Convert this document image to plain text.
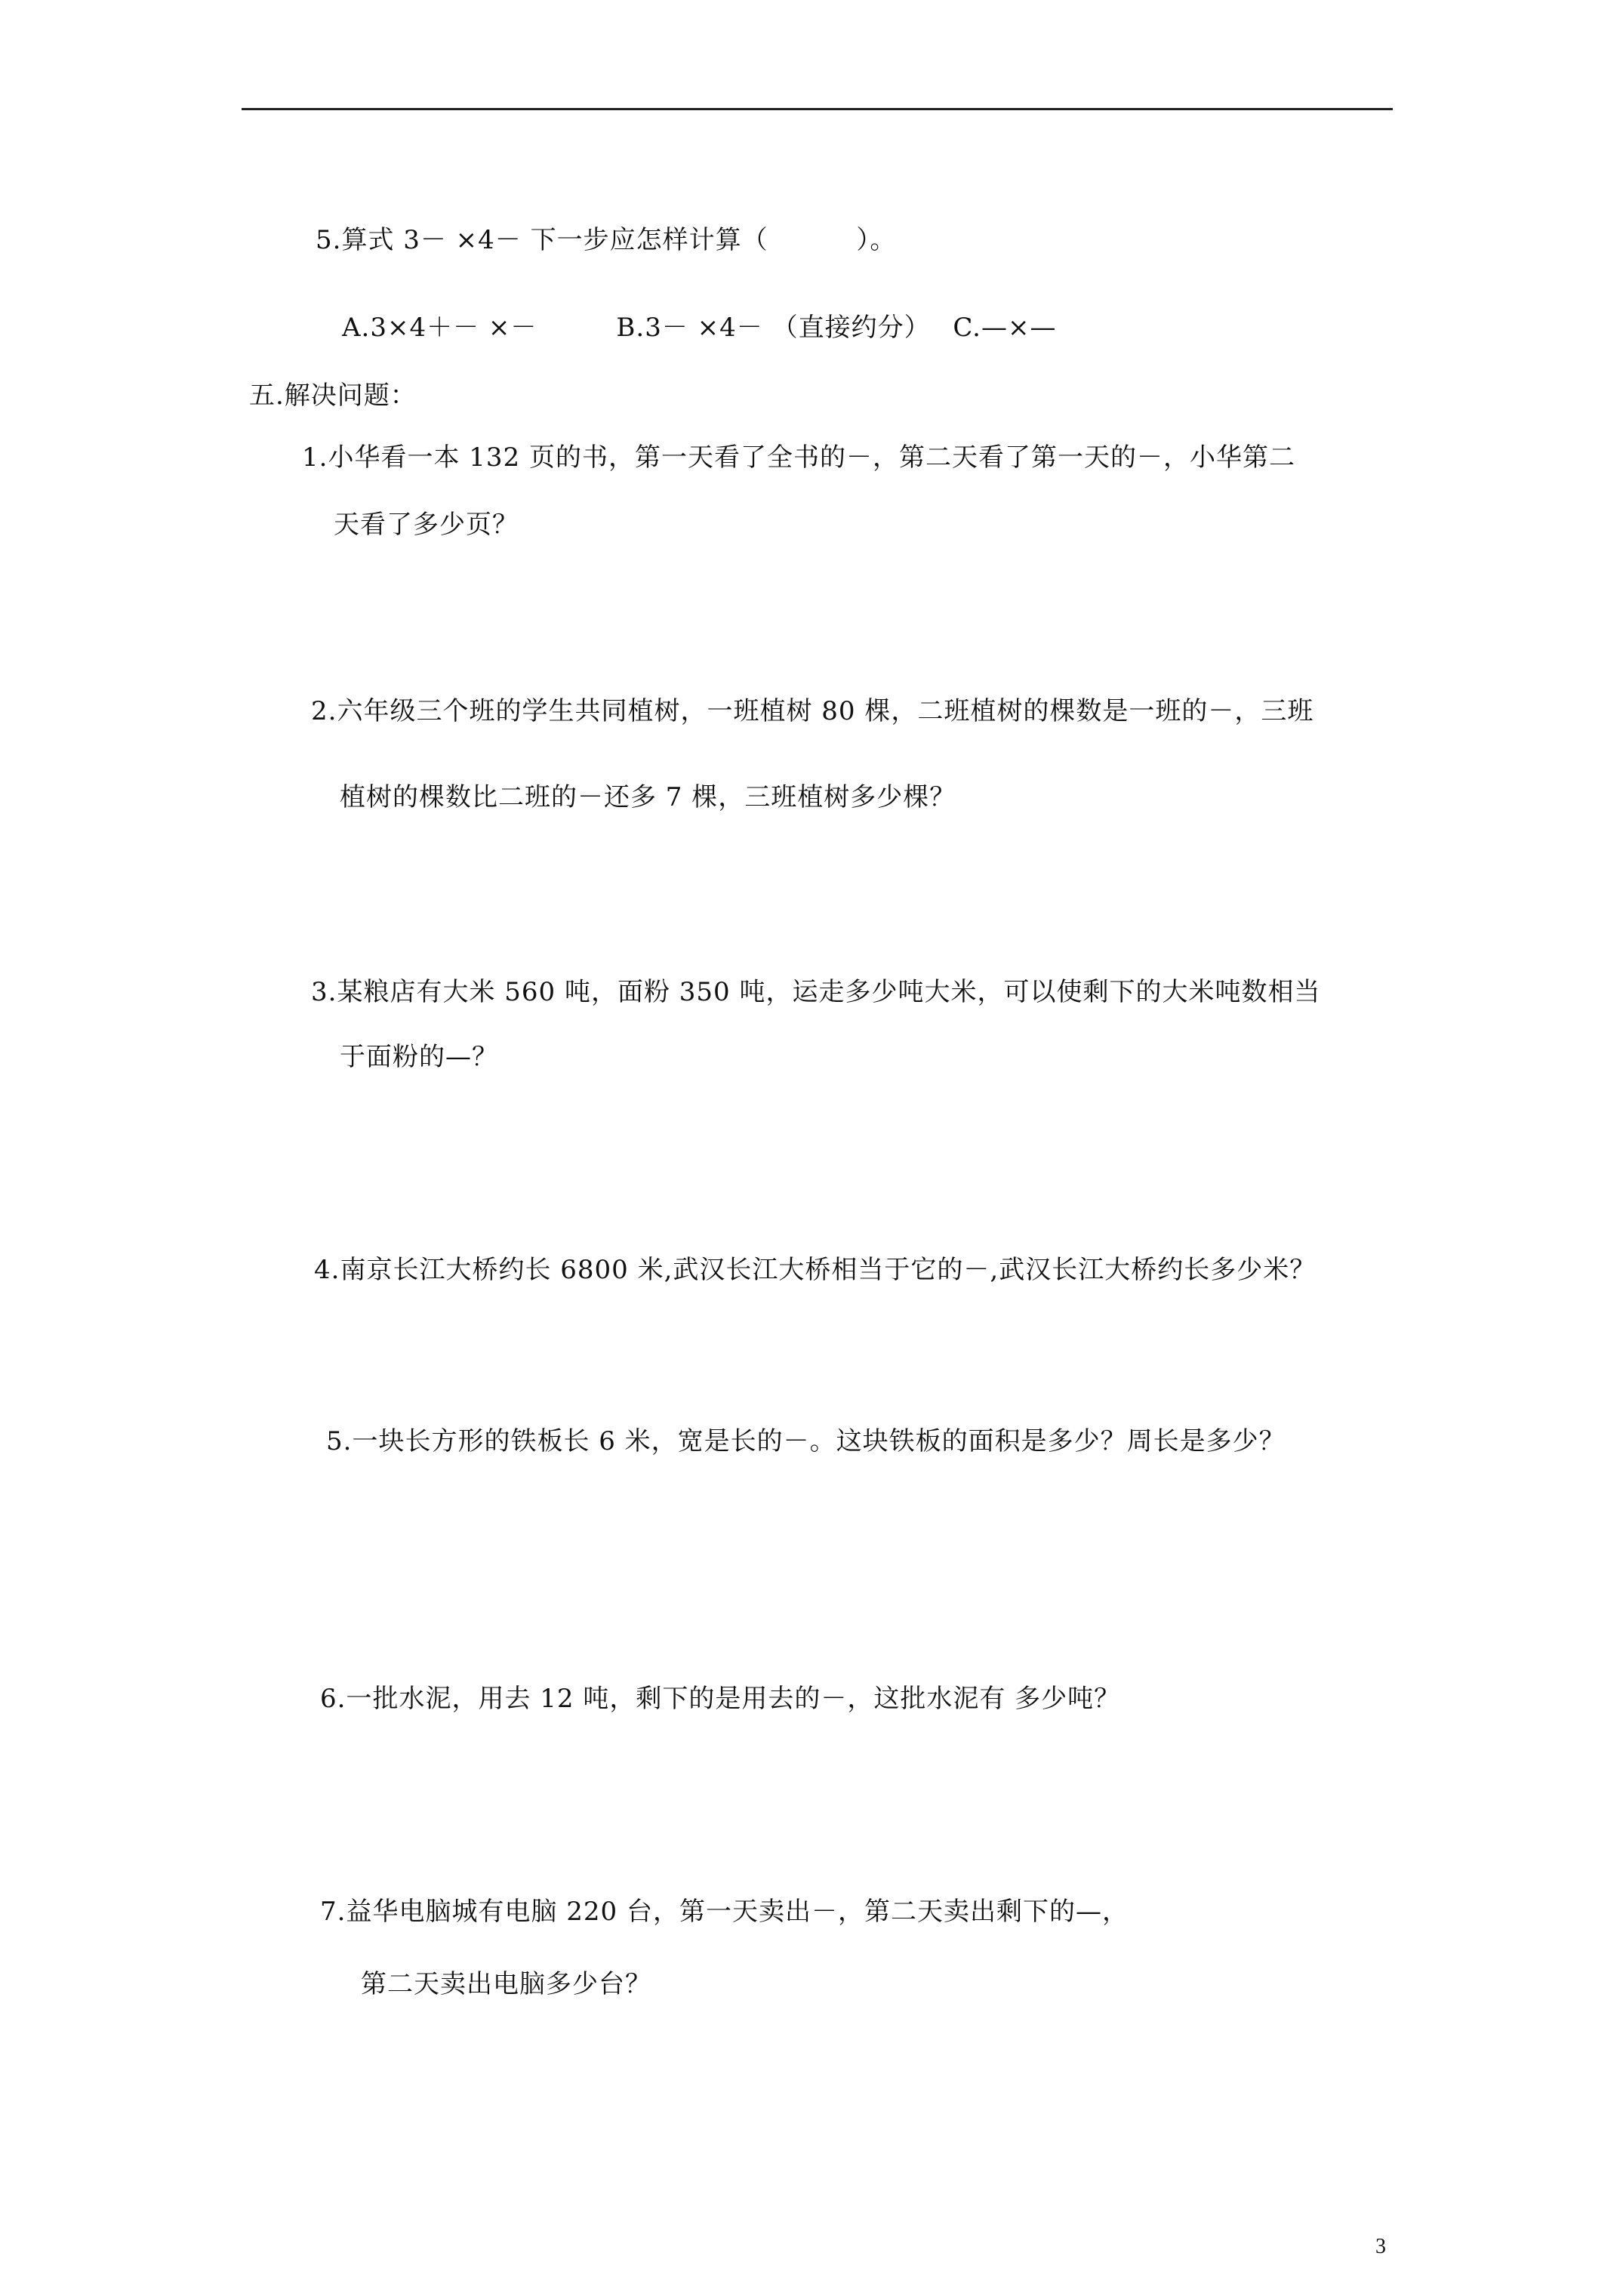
5.算式 3－ ×4－ 下一步应怎样计算（　　　 ）。
A.3×4＋－ ×－　　　B.3－ ×4－ （直接约分）　 C.—×—
五.解决问题：
1.小华看一本 132 页的书，第一天看了全书的－，第二天看了第一天的－，小华第二
天看了多少页？
2.六年级三个班的学生共同植树，一班植树 80 棵，二班植树的棵数是一班的－，三班
植树的棵数比二班的－还多 7 棵，三班植树多少棵？
3.某粮店有大米 560 吨，面粉 350 吨，运走多少吨大米，可以使剩下的大米吨数相当
于面粉的—？
4.南京长江大桥约长 6800 米,武汉长江大桥相当于它的－,武汉长江大桥约长多少米？
5.一块长方形的铁板长 6 米，宽是长的－。这块铁板的面积是多少？周长是多少？
6.一批水泥，用去 12 吨，剩下的是用去的－，这批水泥有 多少吨？
7.益华电脑城有电脑 220 台，第一天卖出－，第二天卖出剩下的—，
第二天卖出电脑多少台？
3
